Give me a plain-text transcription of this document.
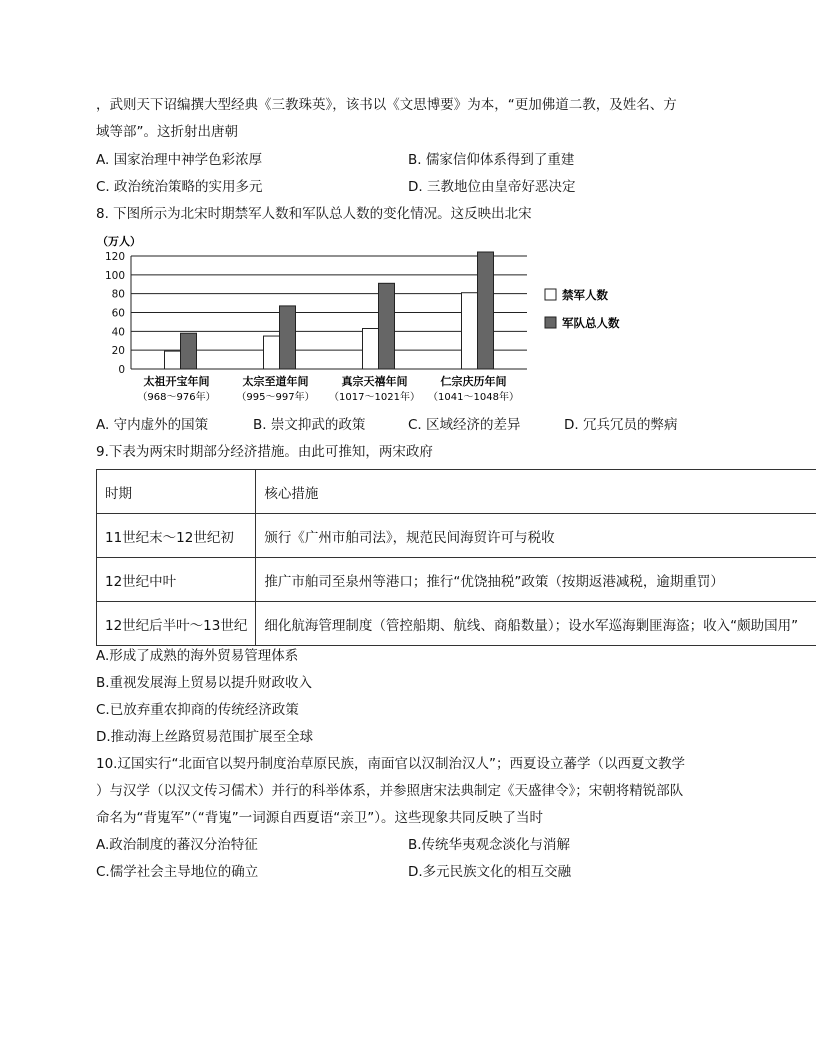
，武则天下诏编撰大型经典《三教珠英》，该书以《文思博要》为本，“更加佛道二教，及姓名、方
域等部”。这折射出唐朝
A. 国家治理中神学色彩浓厚	B. 儒家信仰体系得到了重建
C. 政治统治策略的实用多元	D. 三教地位由皇帝好恶决定
8. 下图所示为北宋时期禁军人数和军队总人数的变化情况。这反映出北宋
0
20
40
60
80
100
120
太祖开宝年间
（968～976年）
太宗至道年间
（995～997年）
真宗天禧年间
（1017～1021年）
仁宗庆历年间
（1041～1048年）
（万人）
禁军人数
军队总人数
A. 守内虚外的国策	B. 崇文抑武的政策	C. 区域经济的差异	D. 冗兵冗员的弊病
9.下表为两宋时期部分经济措施。由此可推知，两宋政府
时期	核心措施
11世纪末～12世纪初	颁行《广州市舶司法》，规范民间海贸许可与税收
12世纪中叶	推广市舶司至泉州等港口；推行“优饶抽税”政策（按期返港减税，逾期重罚）
12世纪后半叶～13世纪	细化航海管理制度（管控船期、航线、商船数量）；设水军巡海剿匪海盗；收入“颇助国用”
A.形成了成熟的海外贸易管理体系
B.重视发展海上贸易以提升财政收入
C.已放弃重农抑商的传统经济政策
D.推动海上丝路贸易范围扩展至全球
10.辽国实行“北面官以契丹制度治草原民族，南面官以汉制治汉人”；西夏设立蕃学（以西夏文教学
）与汉学（以汉文传习儒术）并行的科举体系，并参照唐宋法典制定《天盛律令》；宋朝将精锐部队
命名为“背嵬军”（“背嵬”一词源自西夏语“亲卫”）。这些现象共同反映了当时
A.政治制度的蕃汉分治特征	B.传统华夷观念淡化与消解
C.儒学社会主导地位的确立	D.多元民族文化的相互交融
